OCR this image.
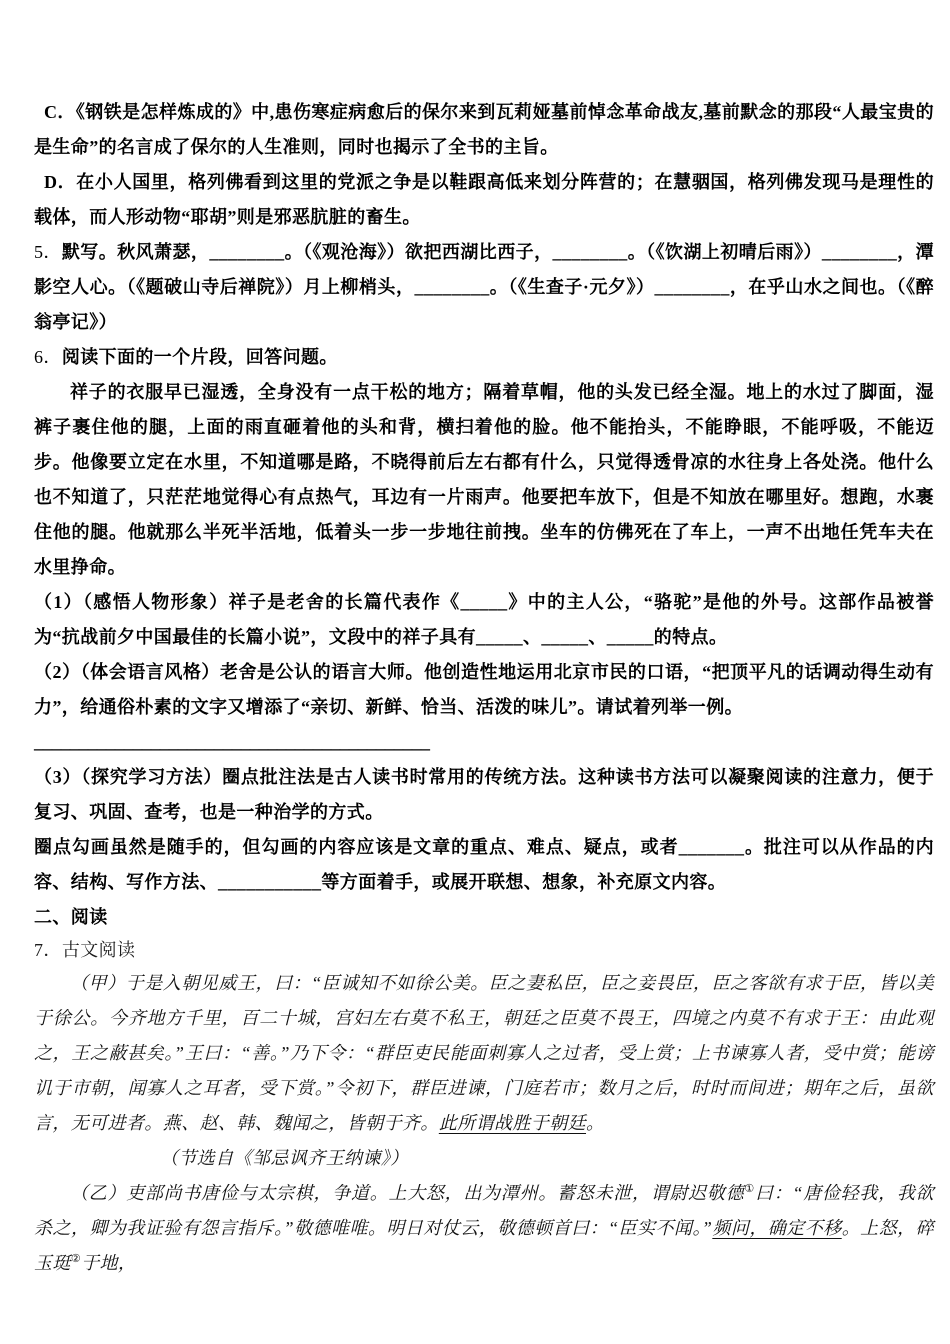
C．《钢铁是怎样炼成的》中,患伤寒症病愈后的保尔来到瓦莉娅墓前悼念革命战友,墓前默念的那段“人最宝贵的是生命”的名言成了保尔的人生准则，同时也揭示了全书的主旨。

D．在小人国里，格列佛看到这里的党派之争是以鞋跟高低来划分阵营的；在慧骃国，格列佛发现马是理性的载体，而人形动物“耶胡”则是邪恶肮脏的畜生。

5．默写。秋风萧瑟，________。（《观沧海》）欲把西湖比西子，________。（《饮湖上初晴后雨》）________，潭影空人心。（《题破山寺后禅院》）月上柳梢头，________。（《生查子·元夕》）________，在乎山水之间也。（《醉翁亭记》）

6．阅读下面的一个片段，回答问题。

祥子的衣服早已湿透，全身没有一点干松的地方；隔着草帽，他的头发已经全湿。地上的水过了脚面，湿裤子裹住他的腿，上面的雨直砸着他的头和背，横扫着他的脸。他不能抬头，不能睁眼，不能呼吸，不能迈步。他像要立定在水里，不知道哪是路，不晓得前后左右都有什么，只觉得透骨凉的水往身上各处浇。他什么也不知道了，只茫茫地觉得心有点热气，耳边有一片雨声。他要把车放下，但是不知放在哪里好。想跑，水裹住他的腿。他就那么半死半活地，低着头一步一步地往前拽。坐车的仿佛死在了车上，一声不出地任凭车夫在水里挣命。

（1）（感悟人物形象）祥子是老舍的长篇代表作《_____》中的主人公，“骆驼”是他的外号。这部作品被誉为“抗战前夕中国最佳的长篇小说”，文段中的祥子具有_____、_____、_____的特点。

（2）（体会语言风格）老舍是公认的语言大师。他创造性地运用北京市民的口语，“把顶平凡的话调动得生动有力”，给通俗朴素的文字又增添了“亲切、新鲜、恰当、活泼的味儿”。请试着列举一例。

____________________________________________

（3）（探究学习方法）圈点批注法是古人读书时常用的传统方法。这种读书方法可以凝聚阅读的注意力，便于复习、巩固、查考，也是一种治学的方式。

圈点勾画虽然是随手的，但勾画的内容应该是文章的重点、难点、疑点，或者_______。批注可以从作品的内容、结构、写作方法、___________等方面着手，或展开联想、想象，补充原文内容。

二、阅读

7．古文阅读

（甲）于是入朝见威王，曰：“臣诚知不如徐公美。臣之妻私臣，臣之妾畏臣，臣之客欲有求于臣，皆以美于徐公。今齐地方千里，百二十城，宫妇左右莫不私王，朝廷之臣莫不畏王，四境之内莫不有求于王：由此观之，王之蔽甚矣。”王曰：“善。”乃下令：“群臣吏民能面刺寡人之过者，受上赏；上书谏寡人者，受中赏；能谤讥于市朝，闻寡人之耳者，受下赏。”令初下，群臣进谏，门庭若市；数月之后，时时而间进；期年之后，虽欲言，无可进者。燕、赵、韩、魏闻之，皆朝于齐。此所谓战胜于朝廷。

（节选自《邹忌讽齐王纳谏》）

（乙）吏部尚书唐俭与太宗棋，争道。上大怒，出为潭州。蓄怒未泄，谓尉迟敬德①曰：“唐俭轻我，我欲杀之，卿为我证验有怨言指斥。”敬德唯唯。明日对仗云，敬德顿首曰：“臣实不闻。”频问，确定不移。上怒，碎玉珽②于地，
